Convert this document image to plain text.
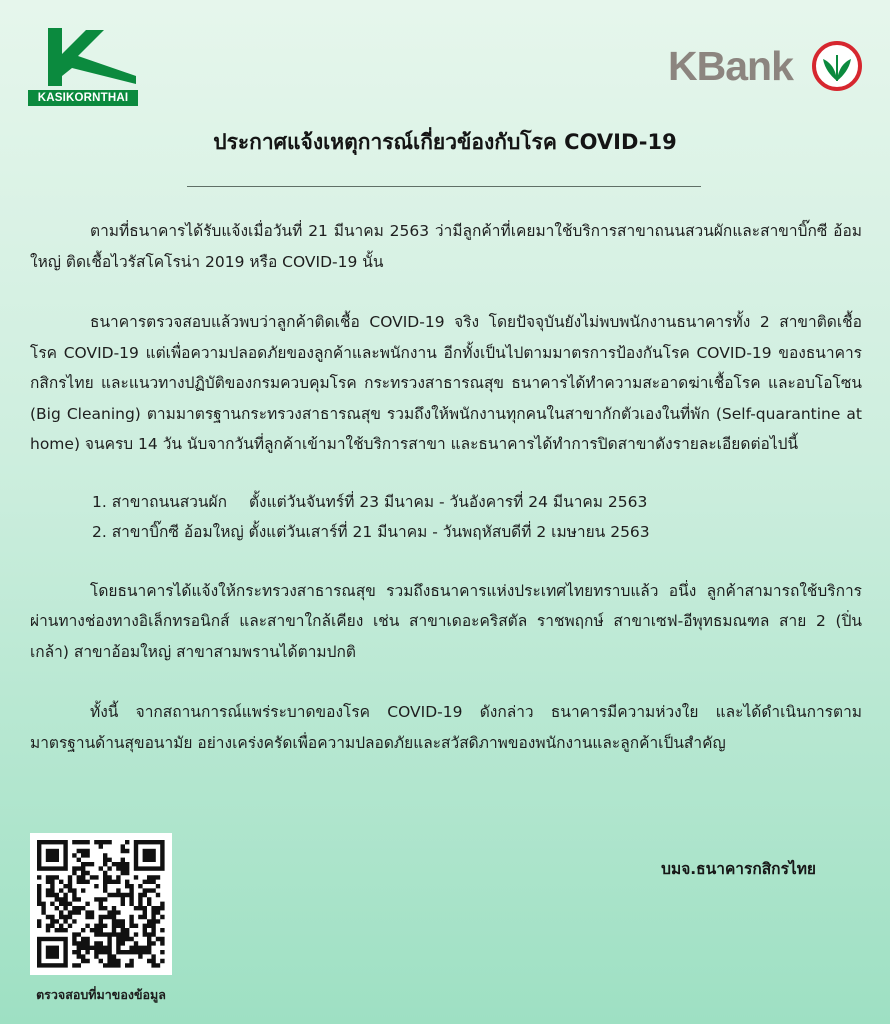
KASIKORNTHAI
KBank
ประกาศแจ้งเหตุการณ์เกี่ยวข้องกับโรค COVID-19

ตามที่ธนาคารได้รับแจ้งเมื่อวันที่ 21 มีนาคม 2563 ว่ามีลูกค้าที่เคยมาใช้บริการสาขาถนนสวนผักและสาขาบิ๊กซี อ้อมใหญ่ ติดเชื้อไวรัสโคโรน่า 2019 หรือ COVID-19 นั้น

ธนาคารตรวจสอบแล้วพบว่าลูกค้าติดเชื้อ COVID-19 จริง โดยปัจจุบันยังไม่พบพนักงานธนาคารทั้ง 2 สาขาติดเชื้อโรค COVID-19 แต่เพื่อความปลอดภัยของลูกค้าและพนักงาน อีกทั้งเป็นไปตามมาตรการป้องกันโรค COVID-19 ของธนาคารกสิกรไทย และแนวทางปฏิบัติของกรมควบคุมโรค กระทรวงสาธารณสุข ธนาคารได้ทำความสะอาดฆ่าเชื้อโรค และอบโอโซน (Big Cleaning) ตามมาตรฐานกระทรวงสาธารณสุข รวมถึงให้พนักงานทุกคนในสาขากักตัวเองในที่พัก (Self-quarantine at home) จนครบ 14 วัน นับจากวันที่ลูกค้าเข้ามาใช้บริการสาขา และธนาคารได้ทำการปิดสาขาดังรายละเอียดต่อไปนี้

1. สาขาถนนสวนผัก ตั้งแต่วันจันทร์ที่ 23 มีนาคม - วันอังคารที่ 24 มีนาคม 2563
2. สาขาบิ๊กซี อ้อมใหญ่ ตั้งแต่วันเสาร์ที่ 21 มีนาคม - วันพฤหัสบดีที่ 2 เมษายน 2563

โดยธนาคารได้แจ้งให้กระทรวงสาธารณสุข รวมถึงธนาคารแห่งประเทศไทยทราบแล้ว อนึ่ง ลูกค้าสามารถใช้บริการผ่านทางช่องทางอิเล็กทรอนิกส์ และสาขาใกล้เคียง เช่น สาขาเดอะคริสตัล ราชพฤกษ์ สาขาเซฟ-อีพุทธมณฑล สาย 2 (ปิ่นเกล้า) สาขาอ้อมใหญ่ สาขาสามพรานได้ตามปกติ

ทั้งนี้ จากสถานการณ์แพร่ระบาดของโรค COVID-19 ดังกล่าว ธนาคารมีความห่วงใย และได้ดำเนินการตามมาตรฐานด้านสุขอนามัย อย่างเคร่งครัดเพื่อความปลอดภัยและสวัสดิภาพของพนักงานและลูกค้าเป็นสำคัญ

ตรวจสอบที่มาของข้อมูล
บมจ.ธนาคารกสิกรไทย
